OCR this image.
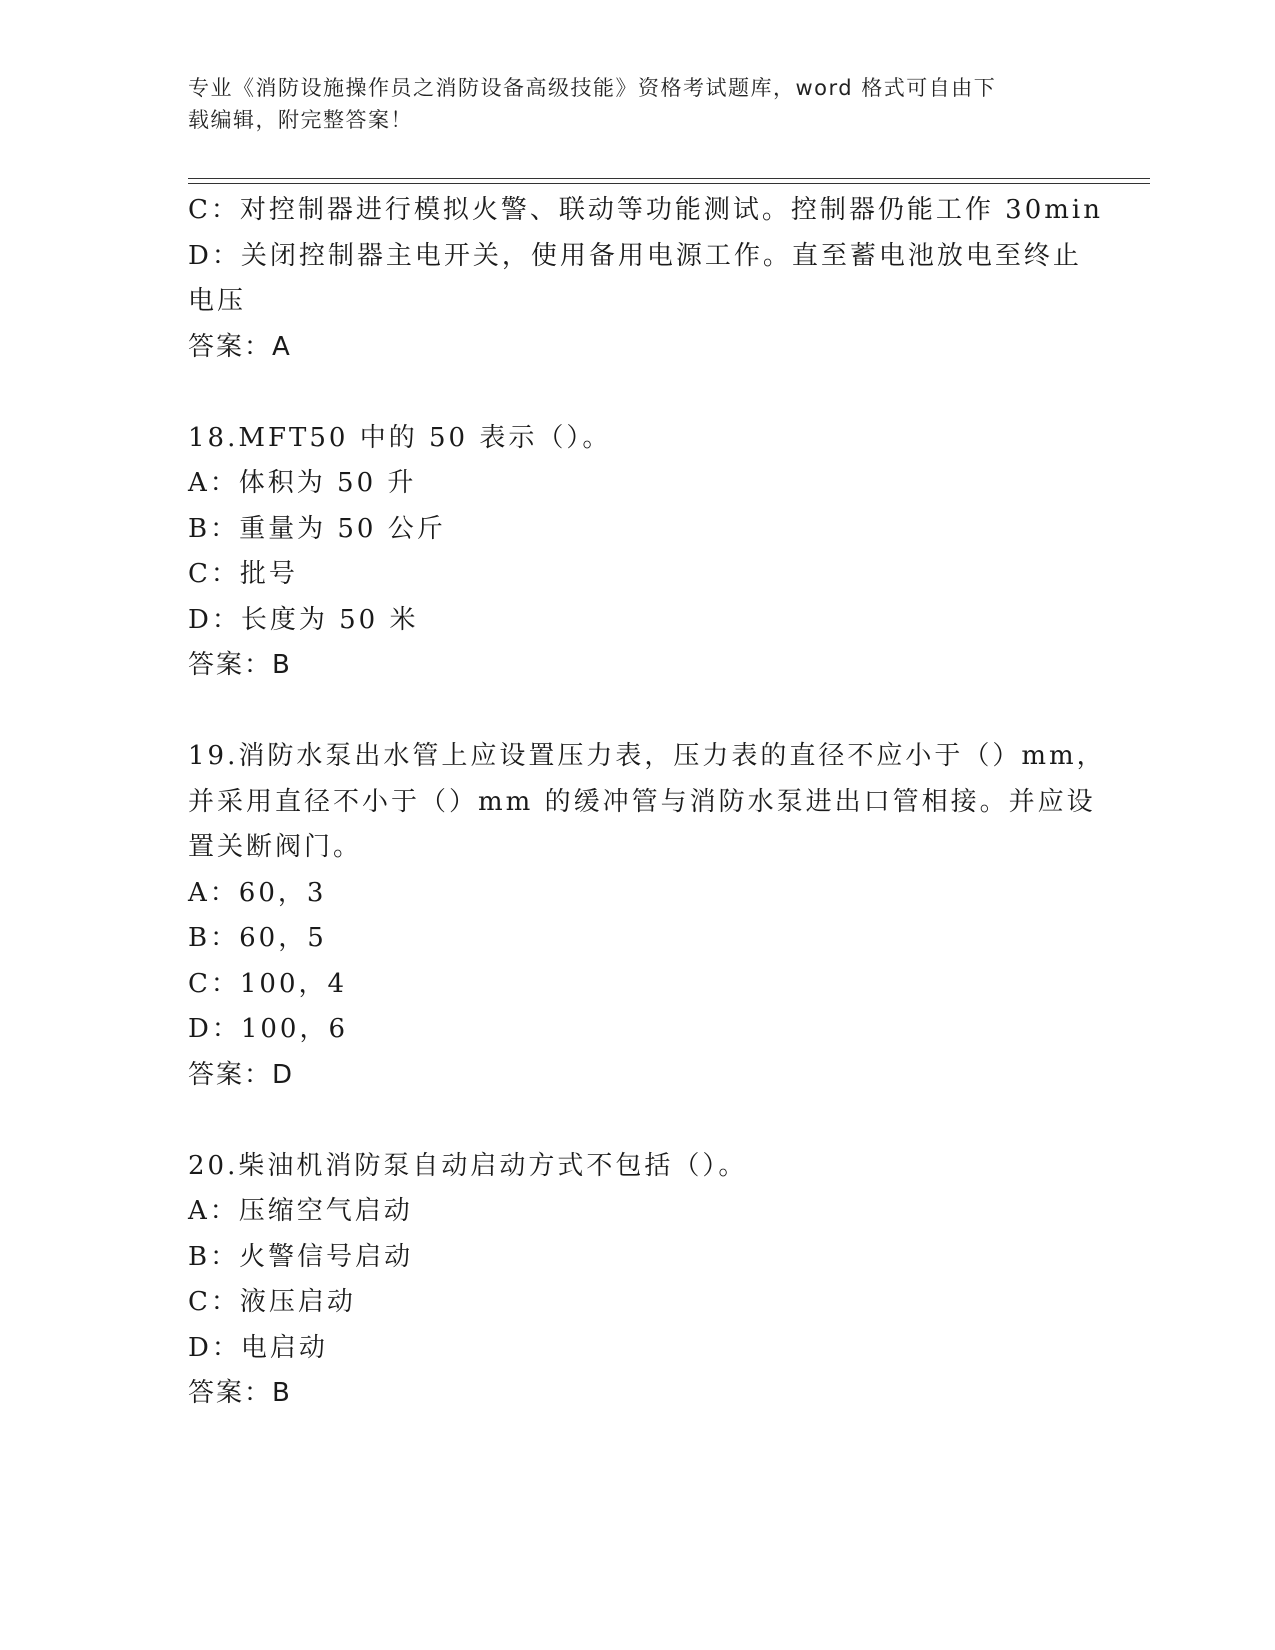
专业《消防设施操作员之消防设备高级技能》资格考试题库，word 格式可自由下
载编辑，附完整答案！
C：对控制器进行模拟火警、联动等功能测试。控制器仍能工作 30min
D：关闭控制器主电开关，使用备用电源工作。直至蓄电池放电至终止
电压
答案：A
18.MFT50 中的 50 表示（）。
A：体积为 50 升
B：重量为 50 公斤
C：批号
D：长度为 50 米
答案：B
19.消防水泵出水管上应设置压力表，压力表的直径不应小于（）mm，
并采用直径不小于（）mm 的缓冲管与消防水泵进出口管相接。并应设
置关断阀门。
A：60，3
B：60，5
C：100，4
D：100，6
答案：D
20.柴油机消防泵自动启动方式不包括（）。
A：压缩空气启动
B：火警信号启动
C：液压启动
D：电启动
答案：B
